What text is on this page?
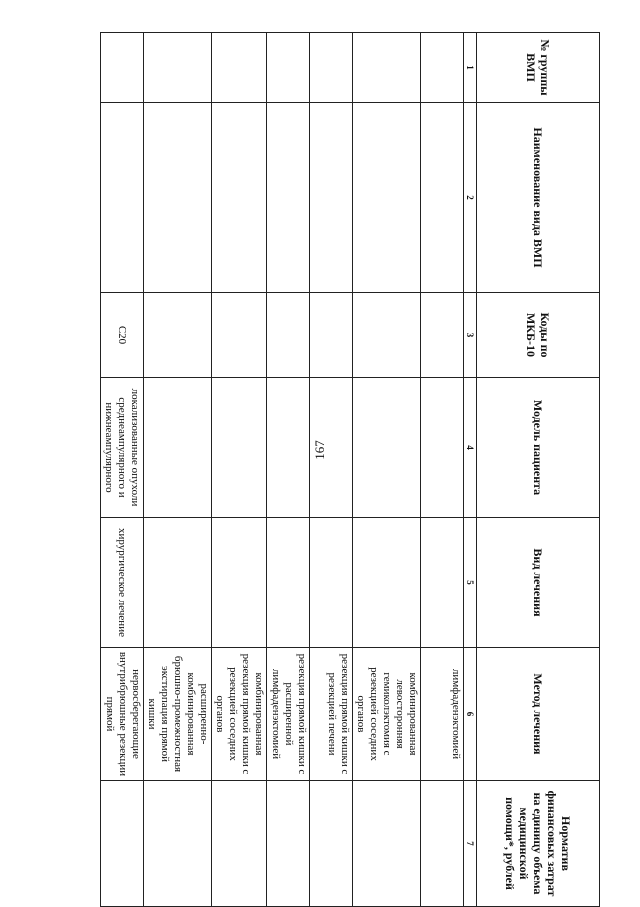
167
№ группы ВМП	Наименование вида ВМП	Коды по МКБ-10	Модель пациента	Вид лечения	Метод лечения	Норматив финансовых затрат на единицу объема медицинской помощи*, рублей
1	2	3	4	5	6	7
					лимфаденэктомией	
					комбинированная левосторонняя гемиколэктомия с резекцией соседних органов	
					резекция прямой кишки с резекцией печени	
					резекция прямой кишки с расширенной лимфаденэктомией	
					комбинированная резекция прямой кишки с резекцией соседних органов	
					расширенно-комбинированная брюшно-промежностная экстирпация прямой кишки	
		C20	локализованные опухоли среднеампулярного и нижнеампулярного	хирургическое лечение	нервосберегающие внутрибрюшные резекции прямой	
